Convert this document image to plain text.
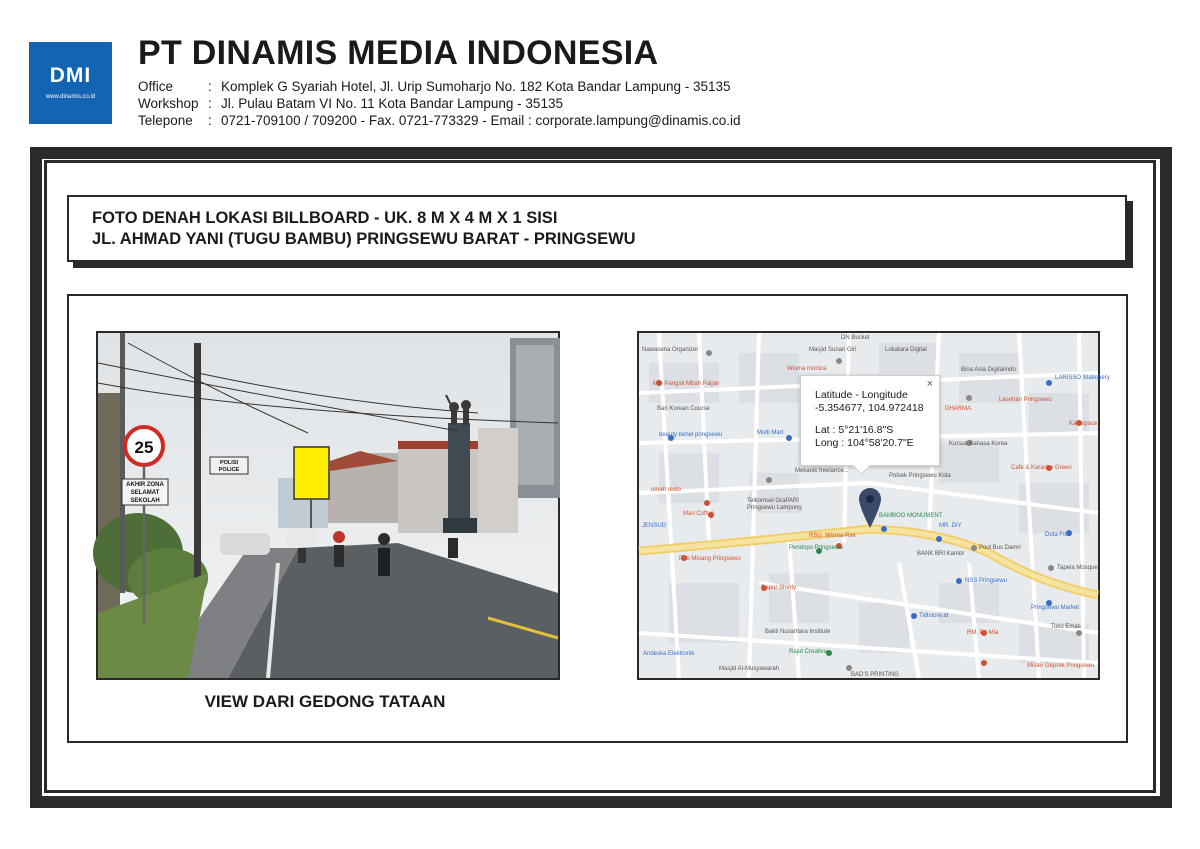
DMI
www.dinamis.co.id
PT DINAMIS MEDIA INDONESIA
Office	: Komplek G Syariah Hotel, Jl. Urip Sumoharjo No. 182 Kota Bandar Lampung - 35135
Workshop : Jl. Pulau Batam VI No. 11 Kota Bandar Lampung - 35135
Telepone	: 0721-709100 / 709200 - Fax. 0721-773329 - Email : corporate.lampung@dinamis.co.id
FOTO DENAH LOKASI BILLBOARD - UK. 8 M X 4 M X 1 SISI
JL. AHMAD YANI (TUGU BAMBU) PRINGSEWU BARAT - PRINGSEWU
25
AKHIR ZONA
SELAMAT
SEKOLAH
POLISI
POLICE
VIEW DARI GEDONG TATAAN
Nawasena Organizer	Masjid Sunan Giri
DN Bucket
Lokatara Digital
Wisma monica	Bina Asia Digitalindo
LARISSO Stationery
Mie Pangsit Mbah Paijan
Bari Korean Course	DHARMA
Lesehan Pringsewu
beauty behel pringsewu	Multi Mart
Kae space
Kursus Bahasa Korea
Cafe & Karaoke Green
Mekanik freelance...
Polsek Pringsewu Kota
omah resto
Telkomsel GraPARI
Pringsewu Lampung
BAMBOO MONUMENT
Mari Coffee
MR. DIY
JENSUD
Duta Foto
RSU. Wisma Rini
Pendopo Pringsewu	Pool Bus Damri
BANK BRI Kantor
Pub Minang Pringsewu
Tapeia Mosque
NSS Pringsewu
Dapur Sherly
Pringsewu Market
Tidlstore.id
Bakti Nusantara Institute	RM. Bu Mia
Toko Emas
Andeska Elektronik	Rajut Creativa
Mister Geprek Pringsewu
Masjid Al-Musyawarah
BAD'S PRINTING
×
Latitude - Longitude
-5.354677, 104.972418
Lat : 5°21'16.8"S
Long : 104°58'20.7"E
